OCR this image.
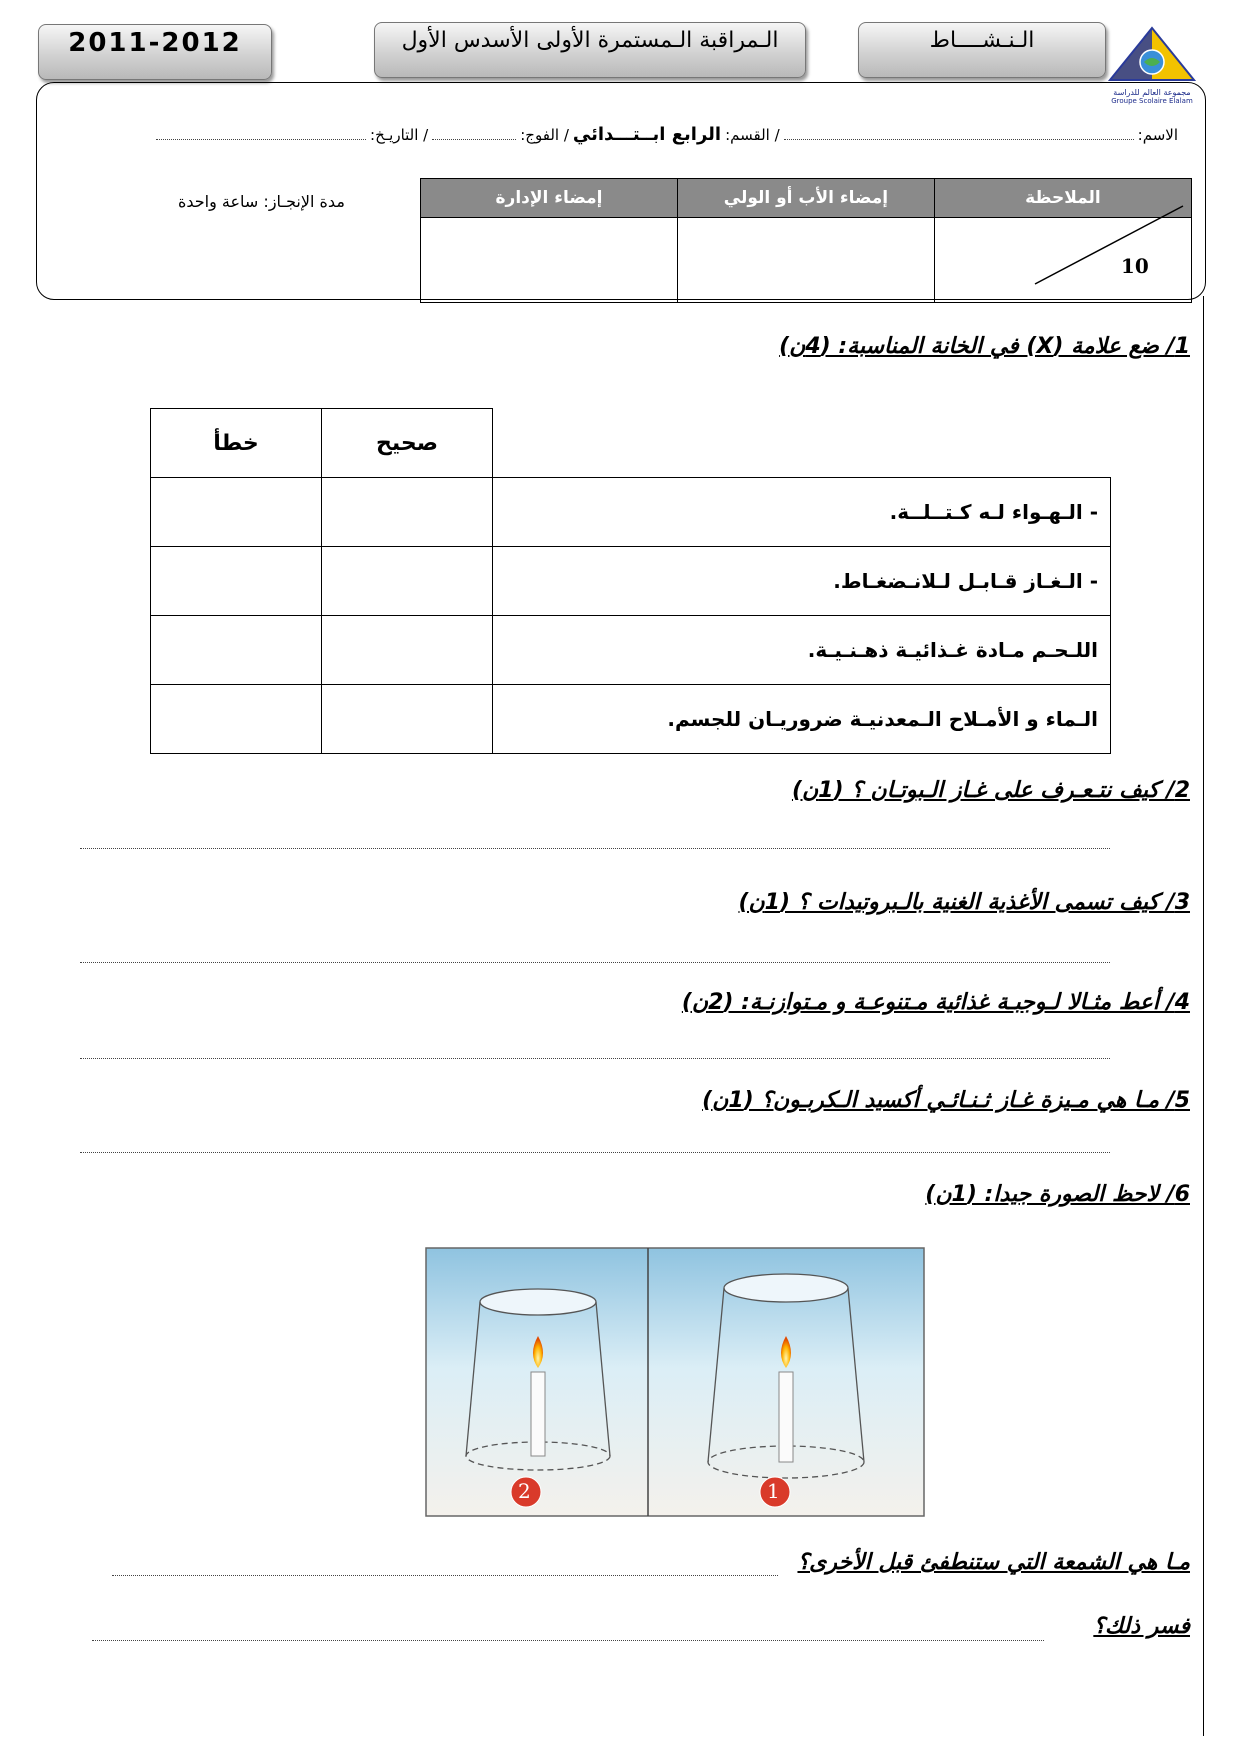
2011-2012	الـمراقبة الـمستمرة الأولى الأسدس الأول	الـنـشــــاط
مجموعة العالم للدراسة
Groupe Scolaire Elalam
الاسم:
/ القسم:
الرابع ابــتـــدائي
/ الفوج:
/ التاريـخ:
مدة الإنجـاز: ساعة واحدة	إمضاء الإدارة	إمضاء الأب أو الولي	الملاحظة

		10
1/ ضع علامة (X) في الخانة المناسبة: (4ن)
خطأ	صحيح	
		- الـهـواء لـه كـتــلــة.
		- الـغـاز قـابـل لـلانـضغـاط.
		اللـحـم مـادة غـذائيـة ذهـنـيـة.
		الـماء و الأمـلاح الـمعدنيـة ضروريـان للجسم.
2/ كيف نتـعـرف على غـاز الـبوتـان ؟ (1ن)
3/ كيف تسمى الأغذية الغنية بالـبروتيدات ؟ (1ن)
4/ أعط مثـالا لـوجبـة غذائية مـتنوعـة و مـتوازنـة: (2ن)
5/ مـا هي مـيزة غـاز ثـنـائـي أكسيد الـكربـون؟ (1ن)
6/ لاحظ الصورة جيدا: (1ن)
2	1
مـا هي الشمعة التي ستنطفئ قبل الأخرى؟
فسر ذلك؟
